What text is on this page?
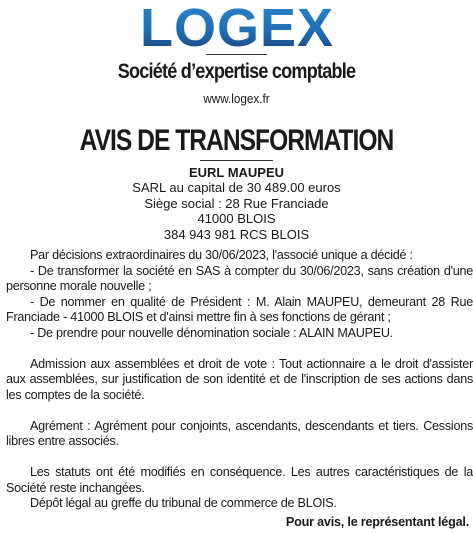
LOGEX
Société d’expertise comptable
www.logex.fr
AVIS DE TRANSFORMATION
EURL MAUPEU
SARL au capital de 30 489.00 euros
Siège social : 28 Rue Franciade
41000 BLOIS
384 943 981 RCS BLOIS

Par décisions extraordinaires du 30/06/2023, l'associé unique a décidé :

- De transformer la société en SAS à compter du 30/06/2023, sans création d'une personne morale nouvelle ;

- De nommer en qualité de Président : M. Alain MAUPEU, demeurant 28 Rue Franciade - 41000 BLOIS et d'ainsi mettre fin à ses fonctions de gérant ;

- De prendre pour nouvelle dénomination sociale : ALAIN MAUPEU.

Admission aux assemblées et droit de vote : Tout actionnaire a le droit d'assister aux assemblées, sur justification de son identité et de l'inscription de ses actions dans les comptes de la société.

Agrément : Agrément pour conjoints, ascendants, descendants et tiers. Cessions libres entre associés.

Les statuts ont été modifiés en conséquence. Les autres caractéristiques de la Société reste inchangées.

Dépôt légal au greffe du tribunal de commerce de BLOIS.

Pour avis, le représentant légal.
